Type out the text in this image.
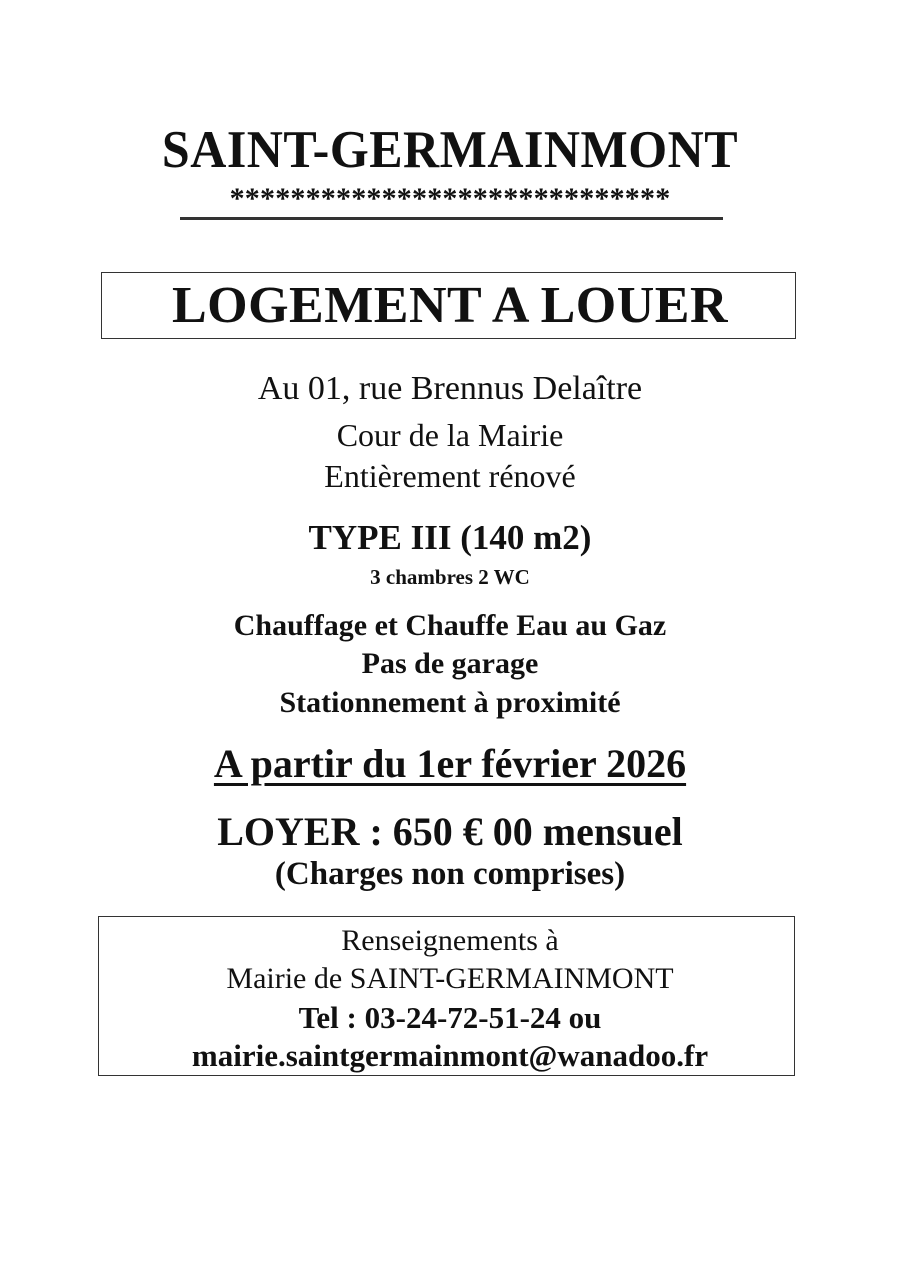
SAINT-GERMAINMONT
*****************************
LOGEMENT A LOUER
Au 01, rue Brennus Delaître
Cour de la Mairie
Entièrement rénové
TYPE III (140 m2)
3 chambres 2 WC
Chauffage et Chauffe Eau au Gaz
Pas de garage
Stationnement à proximité
A partir du 1er février 2026
LOYER : 650 € 00 mensuel
(Charges non comprises)
Renseignements à
Mairie de SAINT-GERMAINMONT
Tel : 03-24-72-51-24 ou
mairie.saintgermainmont@wanadoo.fr
